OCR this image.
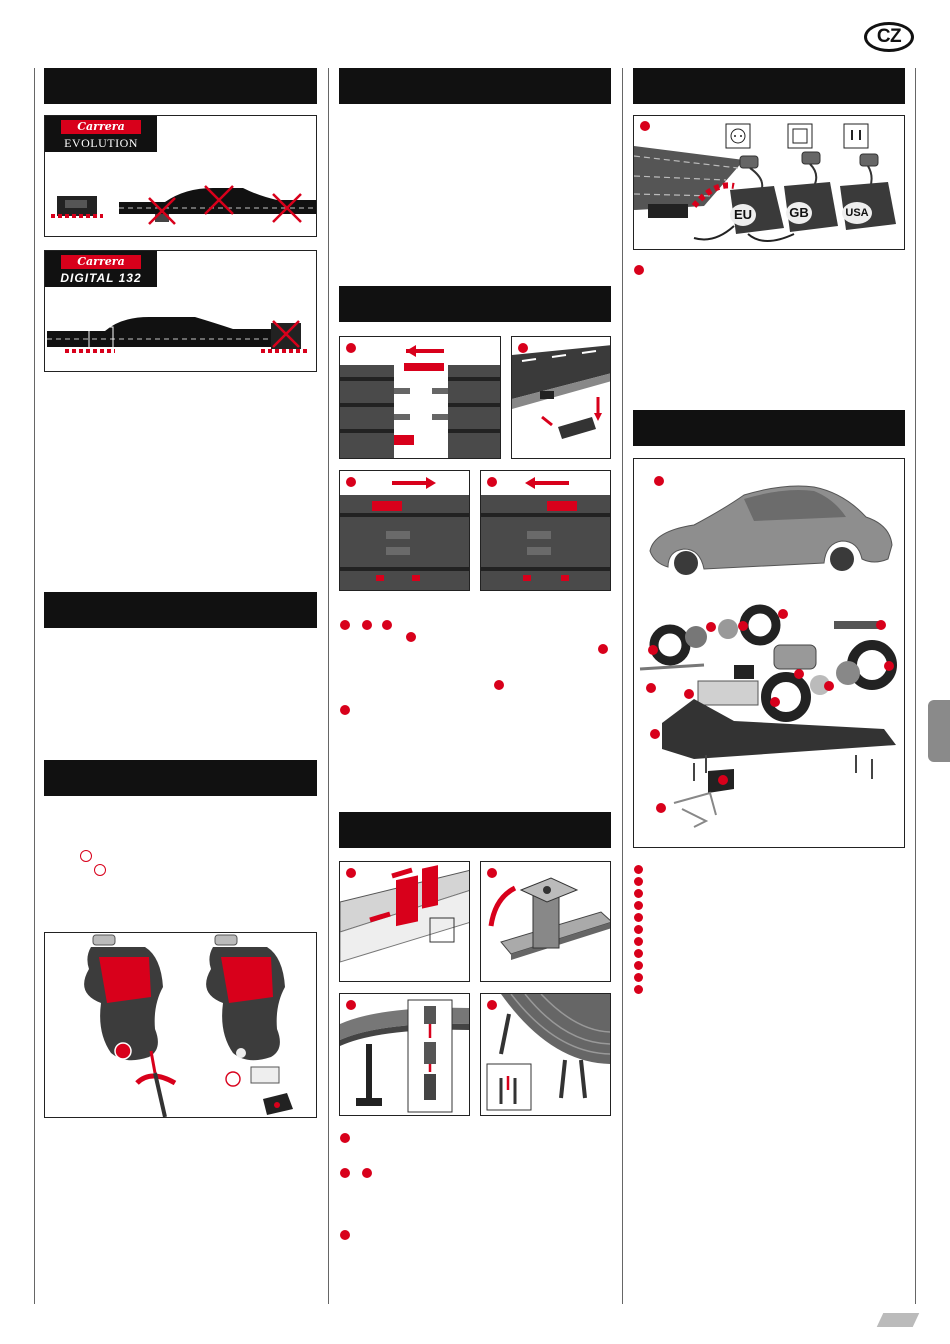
CZ
Carrera
EVOLUTION
Carrera
DIGITAL 132
EU	GB	USA
